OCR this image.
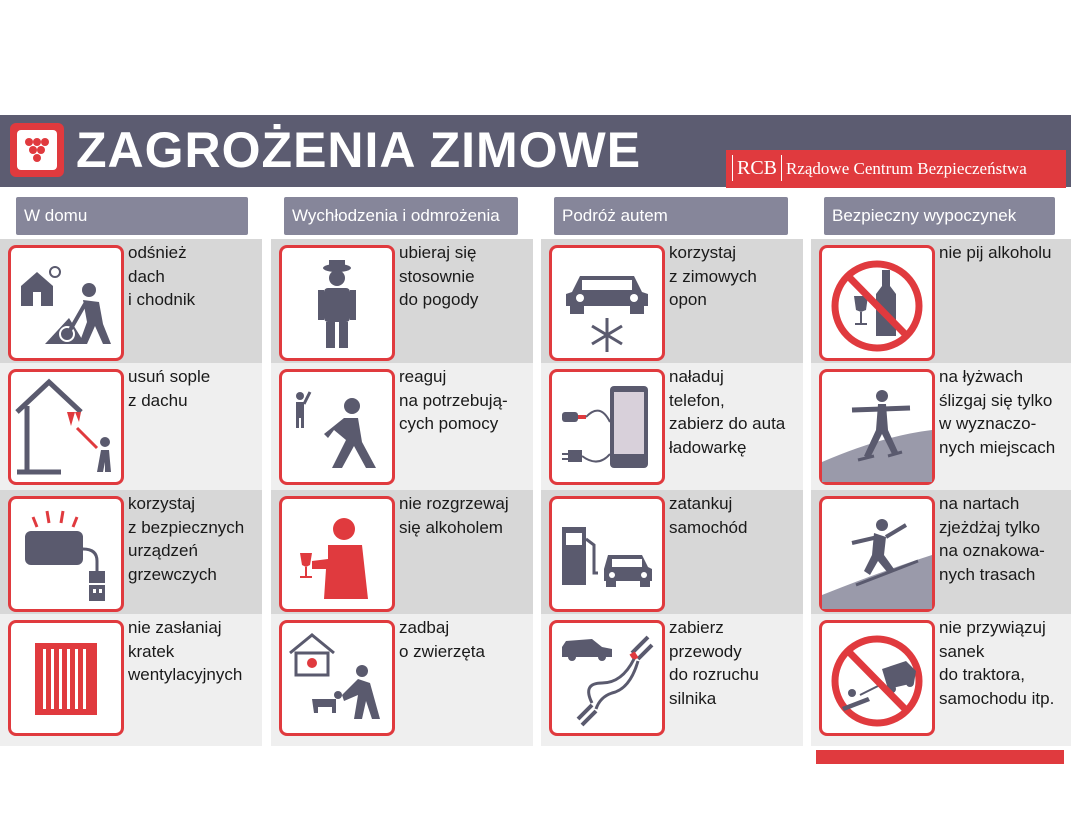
ZAGROŻENIA ZIMOWE	RCB Rządowe Centrum Bezpieczeństwa
W domu
odśnież
dach
i chodnik
usuń sople
z dachu
korzystaj
z bezpiecznych
urządzeń
grzewczych
nie zasłaniaj
kratek
wentylacyjnych
Wychłodzenia i odmrożenia
ubieraj się
stosownie
do pogody
reaguj
na potrzebują-
cych pomocy
nie rozgrzewaj
się alkoholem
zadbaj
o zwierzęta
Podróż autem
korzystaj
z zimowych
opon
naładuj
telefon,
zabierz do auta
ładowarkę
zatankuj
samochód
zabierz
przewody
do rozruchu
silnika
Bezpieczny wypoczynek
nie pij alkoholu
na łyżwach
ślizgaj się tylko
w wyznaczo-
nych miejscach
na nartach
zjeżdżaj tylko
na oznakowa-
nych trasach
nie przywiązuj
sanek
do traktora,
samochodu itp.
